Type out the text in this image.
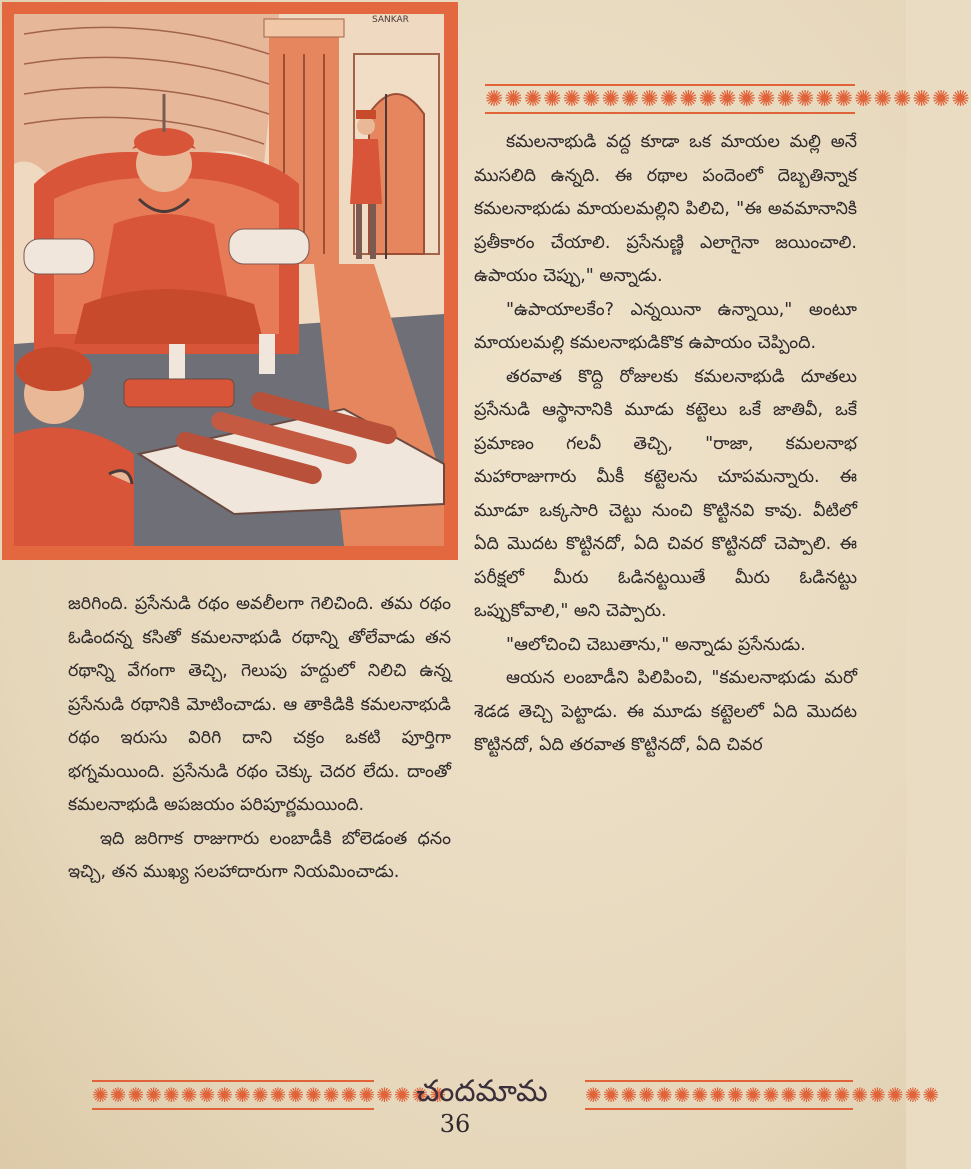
SANKAR
✺✺✺✺✺✺✺✺✺✺✺✺✺✺✺✺✺✺✺✺✺✺✺✺✺

కమలనాభుడి వద్ద కూడా ఒక మాయల మల్లి అనే ముసలిది ఉన్నది. ఈ రథాల పందెంలో దెబ్బతిన్నాక కమలనాభుడు మాయలమల్లిని పిలిచి, "ఈ అవమానానికి ప్రతీకారం చేయాలి. ప్రసేనుణ్ణి ఎలాగైనా జయించాలి. ఉపాయం చెప్పు," అన్నాడు.

"ఉపాయాలకేం? ఎన్నయినా ఉన్నాయి," అంటూ మాయలమల్లి కమలనాభుడికొక ఉపాయం చెప్పింది.

తరవాత కొద్ది రోజులకు కమలనాభుడి దూతలు ప్రసేనుడి ఆస్థానానికి మూడు కట్టెలు ఒకే జాతివీ, ఒకే ప్రమాణం గలవీ తెచ్చి, "రాజా, కమలనాభ మహారాజుగారు మీకీ కట్టెలను చూపమన్నారు. ఈ మూడూ ఒక్కసారి చెట్టు నుంచి కొట్టినవి కావు. వీటిలో ఏది మొదట కొట్టినదో, ఏది చివర కొట్టినదో చెప్పాలి. ఈ పరీక్షలో మీరు ఓడినట్టయితే మీరు ఓడినట్టు ఒప్పుకోవాలి," అని చెప్పారు.

"ఆలోచించి చెబుతాను," అన్నాడు ప్రసేనుడు.

ఆయన లంబాడీని పిలిపించి, "కమలనాభుడు మరో శెడడ తెచ్చి పెట్టాడు. ఈ మూడు కట్టెలలో ఏది మొదట కొట్టినదో, ఏది తరవాత కొట్టినదో, ఏది చివర

జరిగింది. ప్రసేనుడి రథం అవలీలగా గెలిచింది. తమ రథం ఓడిందన్న కసితో కమలనాభుడి రథాన్ని తోలేవాడు తన రథాన్ని వేగంగా తెచ్చి, గెలుపు హద్దులో నిలిచి ఉన్న ప్రసేనుడి రథానికి మోటించాడు. ఆ తాకిడికి కమలనాభుడి రథం ఇరుసు విరిగి దాని చక్రం ఒకటి పూర్తిగా భగ్నమయింది. ప్రసేనుడి రథం చెక్కు చెదర లేదు. దాంతో కమలనాభుడి అపజయం పరిపూర్ణమయింది.

ఇది జరిగాక రాజుగారు లంబాడీకి బోలెడంత ధనం ఇచ్చి, తన ముఖ్య సలహాదారుగా నియమించాడు.

✺✺✺✺✺✺✺✺✺✺✺✺✺✺✺✺✺✺✺✺
చందమామ	✺✺✺✺✺✺✺✺✺✺✺✺✺✺✺✺✺✺✺✺
36
